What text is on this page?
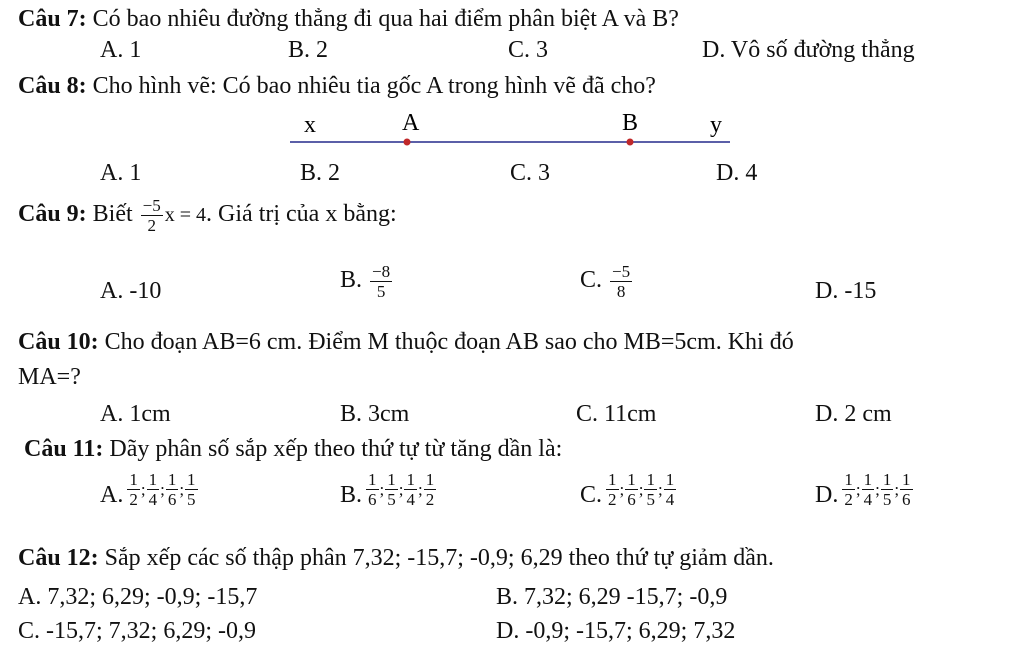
Câu 7: Có bao nhiêu đường thẳng đi qua hai điểm phân biệt A và B?
A. 1	B. 2	C. 3	D. Vô số đường thẳng
Câu 8: Cho hình vẽ: Có bao nhiêu tia gốc A trong hình vẽ đã cho?
x	A	B	y
A. 1	B. 2	C. 3	D. 4
Câu 9: Biết $\frac{-5}{2}$ x = 4. Giá trị của x bằng:
A. -10	B. $\frac{-8}{5}$	C. $\frac{-5}{8}$	D. -15
Câu 10: Cho đoạn AB=6 cm. Điểm M thuộc đoạn AB sao cho MB=5cm. Khi đó
MA=?
A. 1cm	B. 3cm	C. 11cm	D. 2 cm
Câu 11: Dãy phân số sắp xếp theo thứ tự từ tăng dần là:
A. $\frac{1}{2}$ ; $\frac{1}{4}$ ; $\frac{1}{6}$ ; $\frac{1}{5}$	B. $\frac{1}{6}$ ; $\frac{1}{5}$ ; $\frac{1}{4}$ ; $\frac{1}{2}$	C. $\frac{1}{2}$ ; $\frac{1}{6}$ ; $\frac{1}{5}$ ; $\frac{1}{4}$	D. $\frac{1}{2}$ ; $\frac{1}{4}$ ; $\frac{1}{5}$ ; $\frac{1}{6}$
Câu 12: Sắp xếp các số thập phân 7,32; -15,7; -0,9; 6,29 theo thứ tự giảm dần.
A. 7,32; 6,29; -0,9; -15,7	B. 7,32; 6,29 -15,7; -0,9
C. -15,7; 7,32; 6,29; -0,9	D. -0,9; -15,7; 6,29; 7,32
